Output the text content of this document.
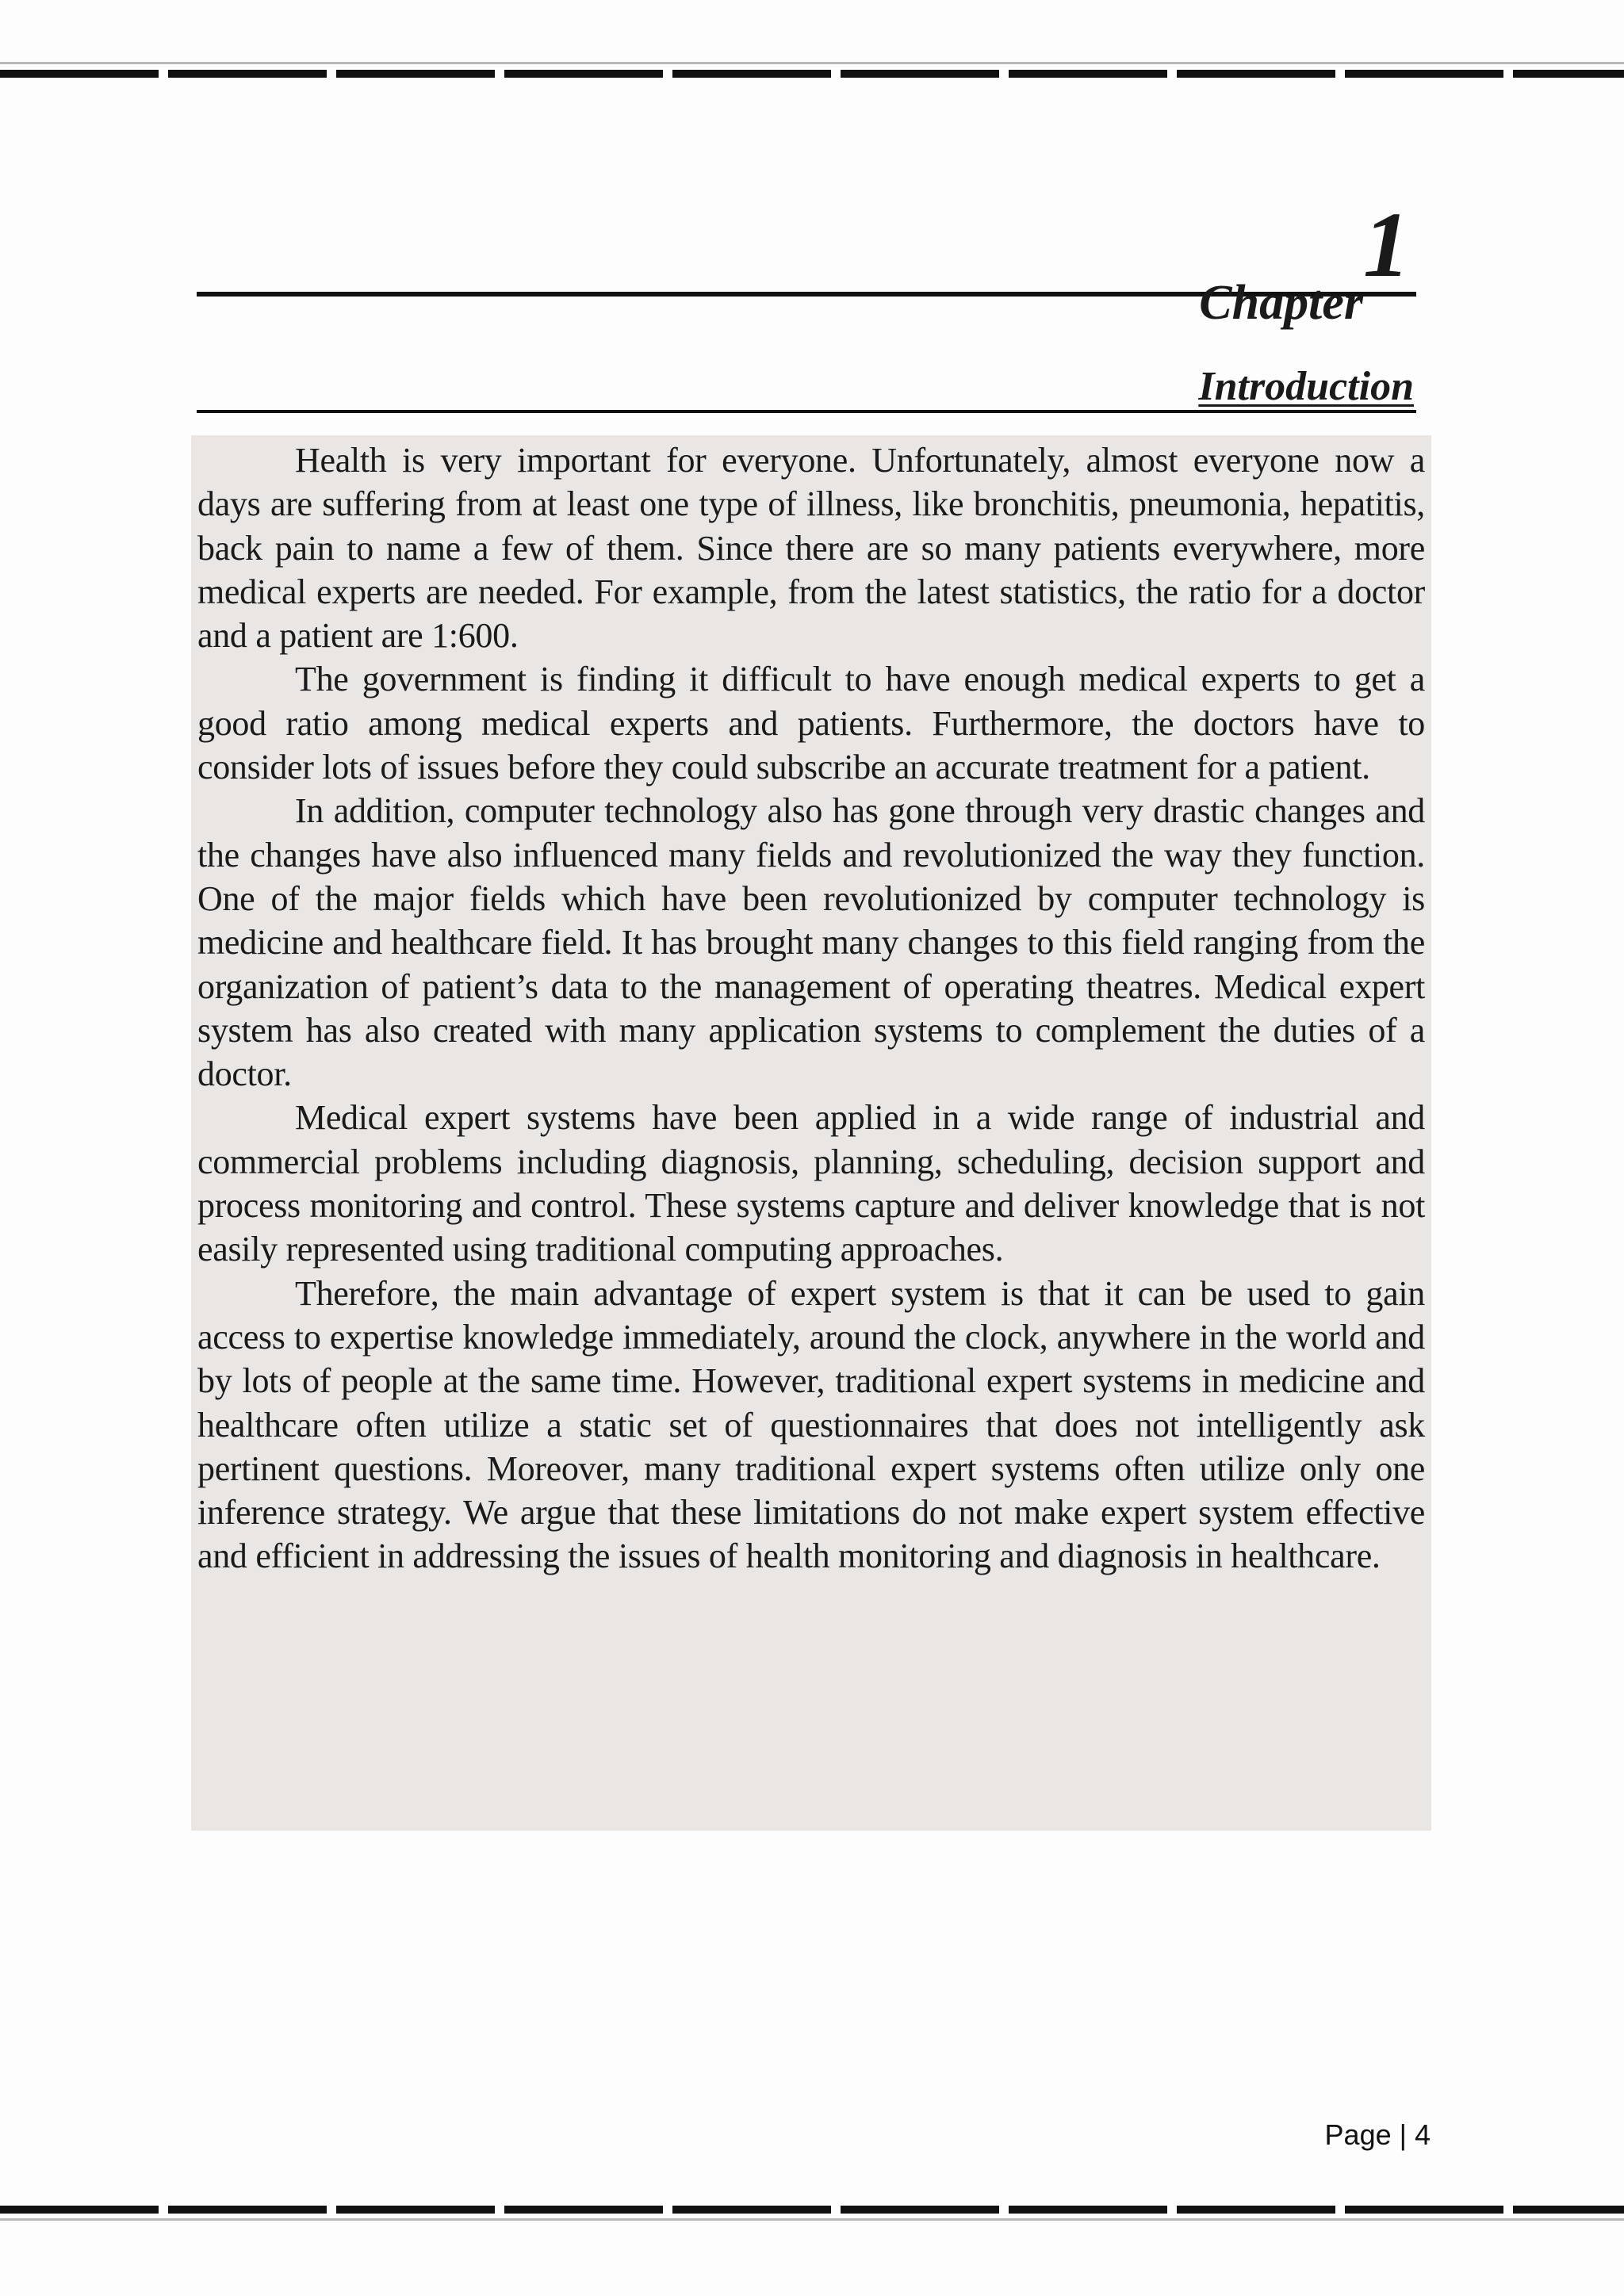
Chapter1
Introduction

Health is very important for everyone. Unfortunately, almost everyone now a days are suffering from at least one type of illness, like bronchitis, pneumonia, hepatitis, back pain to name a few of them. Since there are so many patients everywhere, more medical experts are needed. For example, from the latest statistics, the ratio for a doctor and a patient are 1:600.

The government is finding it difficult to have enough medical experts to get a good ratio among medical experts and patients. Furthermore, the doctors have to consider lots of issues before they could subscribe an accurate treatment for a patient.

In addition, computer technology also has gone through very drastic changes and the changes have also influenced many fields and revolutionized the way they function. One of the major fields which have been revolutionized by computer technology is medicine and healthcare field. It has brought many changes to this field ranging from the organization of patient’s data to the management of operating theatres. Medical expert system has also created with many application systems to complement the duties of a doctor.

Medical expert systems have been applied in a wide range of industrial and commercial problems including diagnosis, planning, scheduling, decision support and process monitoring and control. These systems capture and deliver knowledge that is not easily represented using traditional computing approaches.

Therefore, the main advantage of expert system is that it can be used to gain access to expertise knowledge immediately, around the clock, anywhere in the world and by lots of people at the same time. However, traditional expert systems in medicine and healthcare often utilize a static set of questionnaires that does not intelligently ask pertinent questions. Moreover, many traditional expert systems often utilize only one inference strategy. We argue that these limitations do not make expert system effective and efficient in addressing the issues of health monitoring and diagnosis in healthcare.

Page | 4
